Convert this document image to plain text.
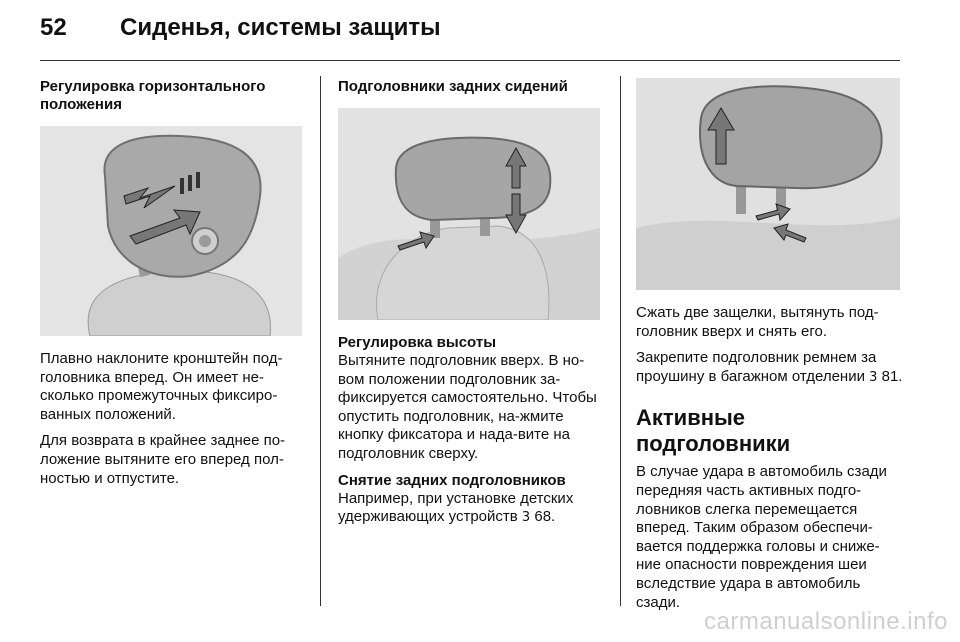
52 Сиденья, системы защиты

Регулировка горизонтального положения

Плавно наклоните кронштейн под-головника вперед. Он имеет не-сколько промежуточных фиксиро-ванных положений.

Для возврата в крайнее заднее по-ложение вытяните его вперед пол-ностью и отпустите.

Подголовники задних сидений

Регулировка высоты

Вытяните подголовник вверх. В но-вом положении подголовник за-фиксируется самостоятельно. Чтобы опустить подголовник, на-жмите кнопку фиксатора и нада-вите на подголовник сверху.

Снятие задних подголовников

Например, при установке детских удерживающих устройств 3 68.

Сжать две защелки, вытянуть под-головник вверх и снять его.

Закрепите подголовник ремнем за проушину в багажном отделении 3 81.

Активные подголовники

В случае удара в автомобиль сзади передняя часть активных подго-ловников слегка перемещается вперед. Таким образом обеспечи-вается поддержка головы и сниже-ние опасности повреждения шеи вследствие удара в автомобиль сзади.

carmanualsonline.info
